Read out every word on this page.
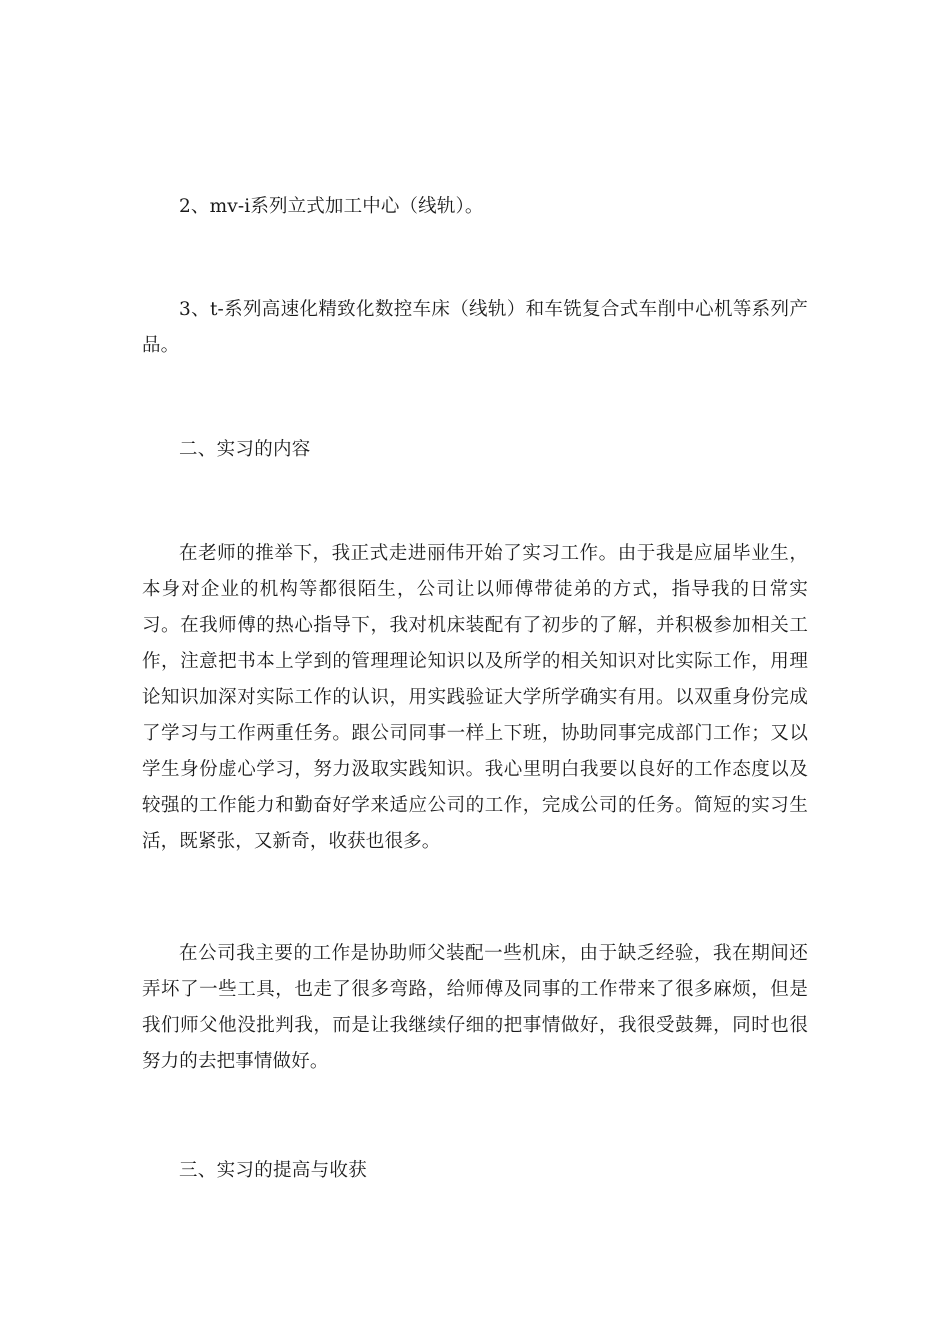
2、mv-i系列立式加工中心（线轨）。

3、t-系列高速化精致化数控车床（线轨）和车铣复合式车削中心机等系列产品。

二、实习的内容

在老师的推举下，我正式走进丽伟开始了实习工作。由于我是应届毕业生，本身对企业的机构等都很陌生，公司让以师傅带徒弟的方式，指导我的日常实习。在我师傅的热心指导下，我对机床装配有了初步的了解，并积极参加相关工作，注意把书本上学到的管理理论知识以及所学的相关知识对比实际工作，用理论知识加深对实际工作的认识，用实践验证大学所学确实有用。以双重身份完成了学习与工作两重任务。跟公司同事一样上下班，协助同事完成部门工作；又以学生身份虚心学习，努力汲取实践知识。我心里明白我要以良好的工作态度以及较强的工作能力和勤奋好学来适应公司的工作，完成公司的任务。简短的实习生活，既紧张，又新奇，收获也很多。

在公司我主要的工作是协助师父装配一些机床，由于缺乏经验，我在期间还弄坏了一些工具，也走了很多弯路，给师傅及同事的工作带来了很多麻烦，但是我们师父他没批判我，而是让我继续仔细的把事情做好，我很受鼓舞，同时也很努力的去把事情做好。

三、实习的提高与收获
